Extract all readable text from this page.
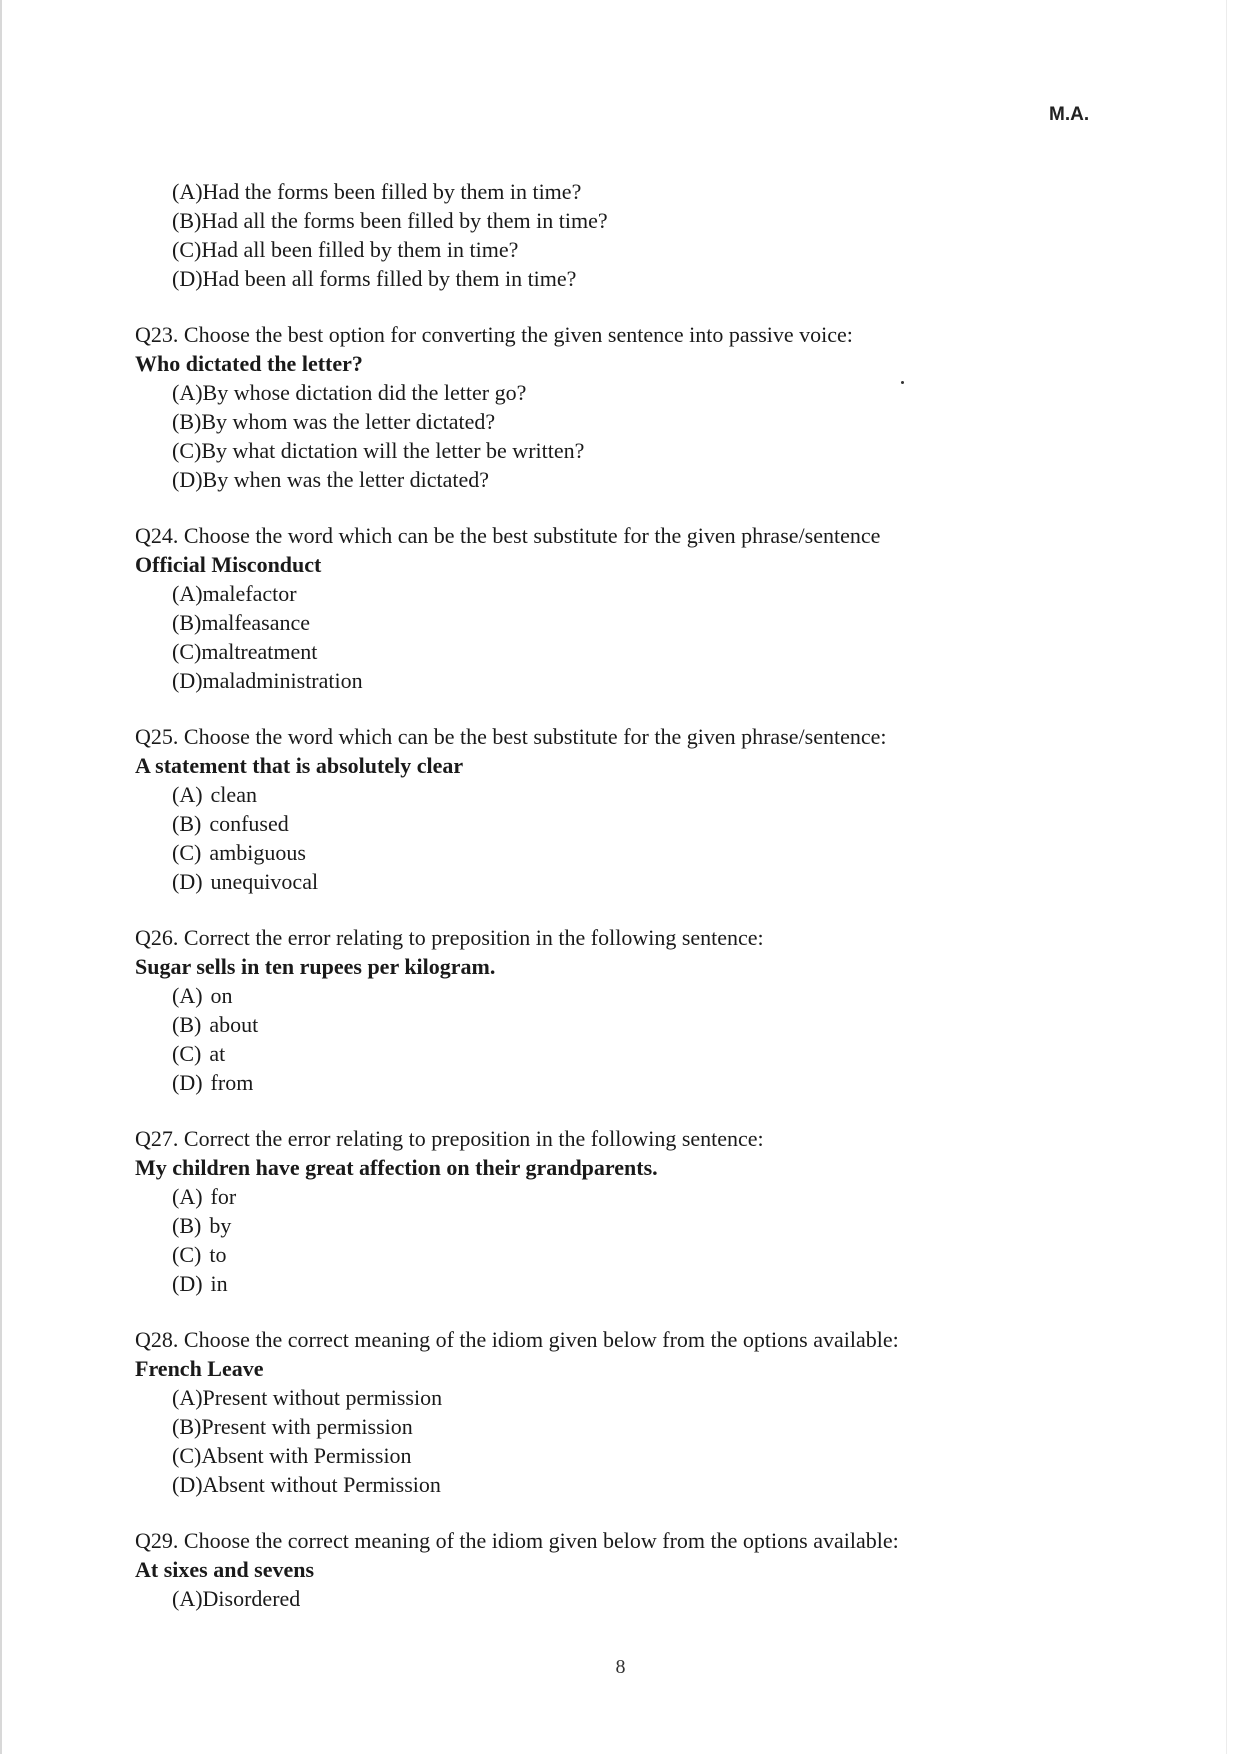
M.A.
(A)Had the forms been filled by them in time?
(B)Had all the forms been filled by them in time?
(C)Had all been filled by them in time?
(D)Had been all forms filled by them in time?
Q23. Choose the best option for converting the given sentence into passive voice:
Who dictated the letter?
(A)By whose dictation did the letter go?
(B)By whom was the letter dictated?
(C)By what dictation will the letter be written?
(D)By when was the letter dictated?
Q24. Choose the word which can be the best substitute for the given phrase/sentence
Official Misconduct
(A)malefactor
(B)malfeasance
(C)maltreatment
(D)maladministration
Q25. Choose the word which can be the best substitute for the given phrase/sentence:
A statement that is absolutely clear
(A) clean
(B) confused
(C) ambiguous
(D) unequivocal
Q26. Correct the error relating to preposition in the following sentence:
Sugar sells in ten rupees per kilogram.
(A) on
(B) about
(C) at
(D) from
Q27. Correct the error relating to preposition in the following sentence:
My children have great affection on their grandparents.
(A) for
(B) by
(C) to
(D) in
Q28. Choose the correct meaning of the idiom given below from the options available:
French Leave
(A)Present without permission
(B)Present with permission
(C)Absent with Permission
(D)Absent without Permission
Q29. Choose the correct meaning of the idiom given below from the options available:
At sixes and sevens
(A)Disordered
8
